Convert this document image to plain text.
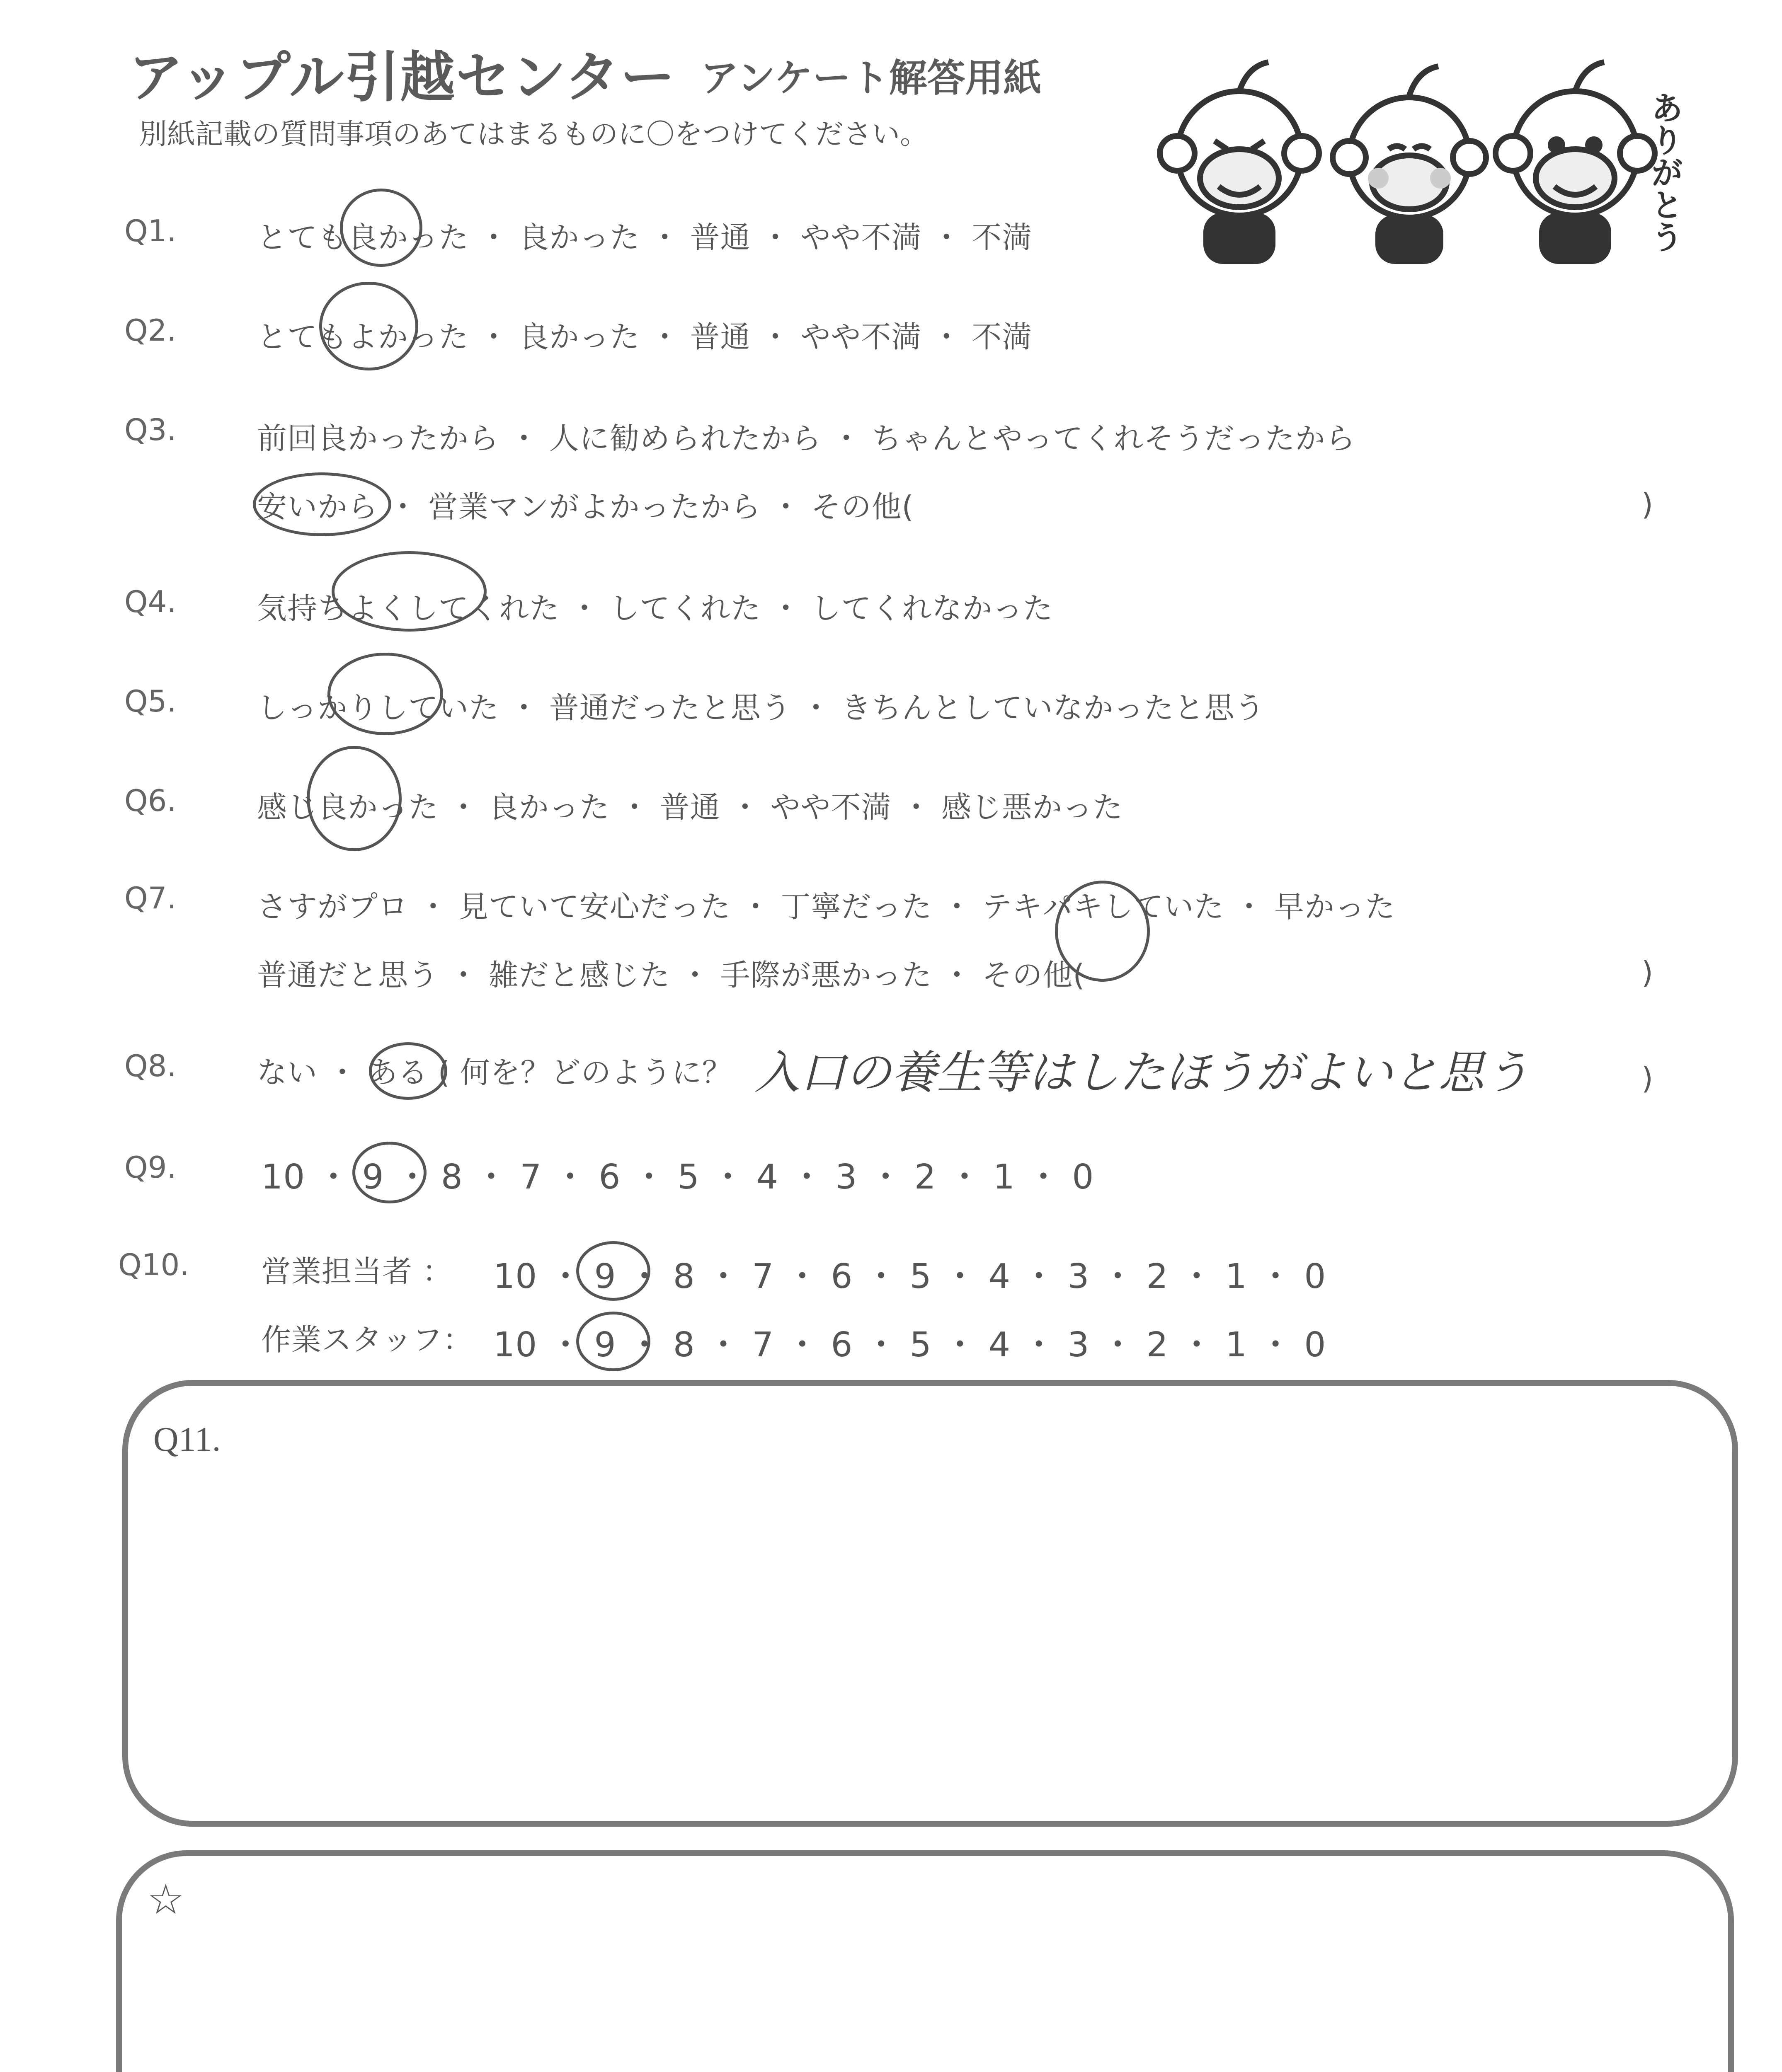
アップル引越センター アンケート解答用紙
別紙記載の質問事項のあてはまるものに〇をつけてください。	ありがとう
Q1.	とても良かった ・ 良かった ・ 普通 ・ やや不満 ・ 不満
Q2.	とてもよかった ・ 良かった ・ 普通 ・ やや不満 ・ 不満
Q3.	前回良かったから ・ 人に勧められたから ・ ちゃんとやってくれそうだったから
安いから ・ 営業マンがよかったから ・ その他(	)
Q4.	気持ちよくしてくれた ・ してくれた ・ してくれなかった
Q5.	しっかりしていた ・ 普通だったと思う ・ きちんとしていなかったと思う
Q6.	感じ良かった ・ 良かった ・ 普通 ・ やや不満 ・ 感じ悪かった
Q7.	さすがプロ ・ 見ていて安心だった ・ 丁寧だった ・ テキパキしていた ・ 早かった
普通だと思う ・ 雑だと感じた ・ 手際が悪かった ・ その他(	)
Q8.	ない ・ ある ( 何を？どのように？ 入口の養生等はしたほうがよいと思う	)
Q9. 10 ・ 9 ・ 8 ・ 7 ・ 6 ・ 5 ・ 4 ・ 3 ・ 2 ・ 1 ・ 0
Q10. 営業担当者 ： 10 ・ 9 ・ 8 ・ 7 ・ 6 ・ 5 ・ 4 ・ 3 ・ 2 ・ 1 ・ 0
作業スタッフ： 10 ・ 9 ・ 8 ・ 7 ・ 6 ・ 5 ・ 4 ・ 3 ・ 2 ・ 1 ・ 0
Q11.
☆
